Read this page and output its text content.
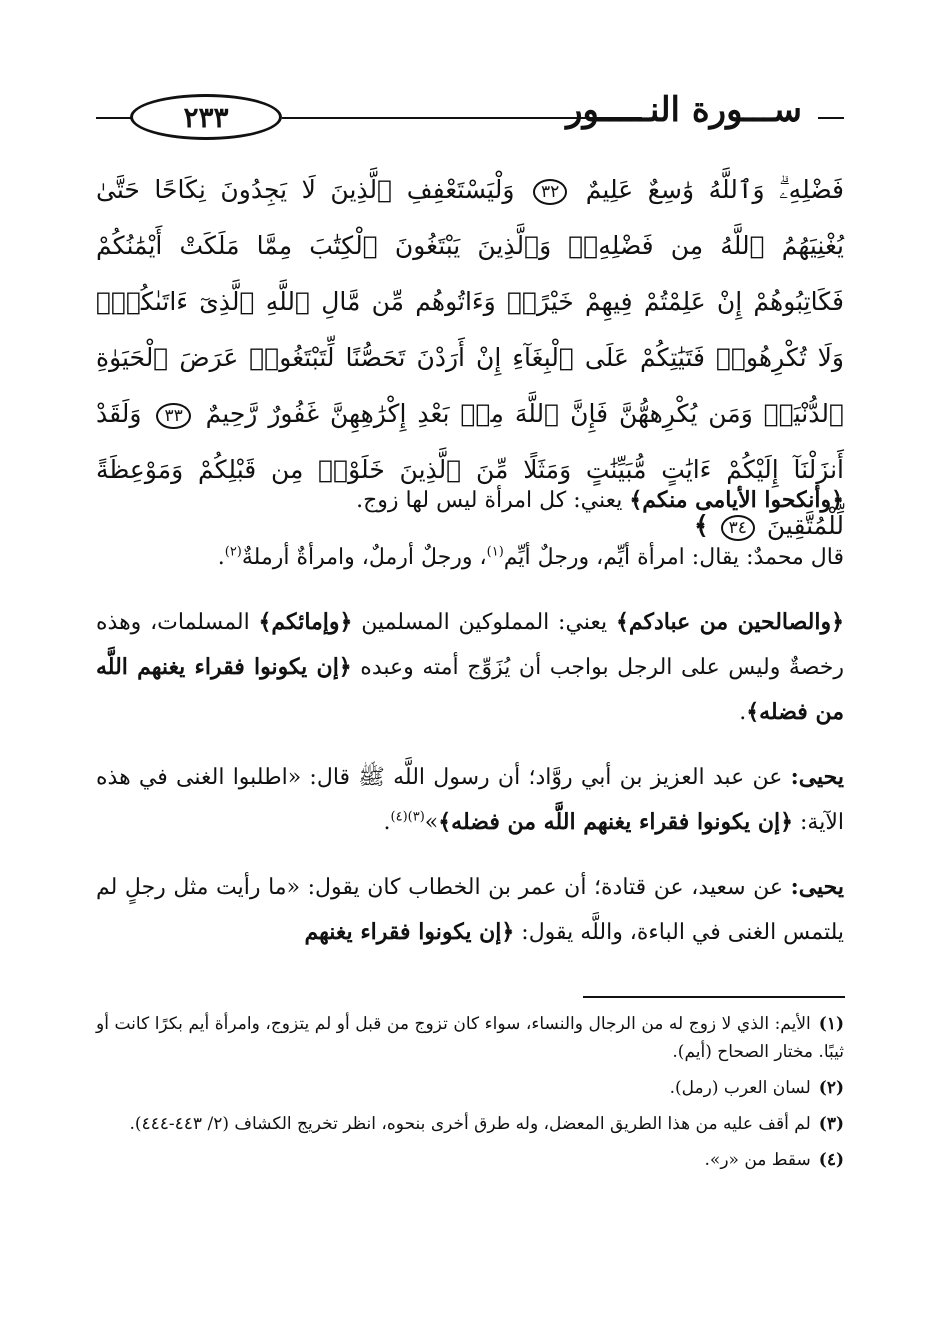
٢٣٣	ســـورة النـــــور
فَضْلِهِۦۗ وَٱللَّهُ وَٰسِعٌ عَلِيمٌ ٣٢ وَلْيَسْتَعْفِفِ ٱلَّذِينَ لَا يَجِدُونَ نِكَاحًا حَتَّىٰ يُغْنِيَهُمُ ٱللَّهُ مِن فَضْلِهِۦۗ وَٱلَّذِينَ يَبْتَغُونَ ٱلْكِتَٰبَ مِمَّا مَلَكَتْ أَيْمَٰنُكُمْ فَكَاتِبُوهُمْ إِنْ عَلِمْتُمْ فِيهِمْ خَيْرًاۖ وَءَاتُوهُم مِّن مَّالِ ٱللَّهِ ٱلَّذِىٓ ءَاتَىٰكُمْۚ وَلَا تُكْرِهُوا۟ فَتَيَٰتِكُمْ عَلَى ٱلْبِغَآءِ إِنْ أَرَدْنَ تَحَصُّنًا لِّتَبْتَغُوا۟ عَرَضَ ٱلْحَيَوٰةِ ٱلدُّنْيَاۚ وَمَن يُكْرِههُّنَّ فَإِنَّ ٱللَّهَ مِنۢ بَعْدِ إِكْرَٰهِهِنَّ غَفُورٌ رَّحِيمٌ ٣٣ وَلَقَدْ أَنزَلْنَآ إِلَيْكُمْ ءَايَٰتٍ مُّبَيِّنَٰتٍ وَمَثَلًا مِّنَ ٱلَّذِينَ خَلَوْا۟ مِن قَبْلِكُمْ وَمَوْعِظَةً لِّلْمُتَّقِينَ ٣٤ ﴾

﴿وأنكحوا الأيامى منكم﴾ يعني: كل امرأة ليس لها زوج.

قال محمدٌ: يقال: امرأة أيِّم، ورجلٌ أيِّم$^{(١)}$، ورجلٌ أرملٌ، وامرأةٌ أرملةٌ$^{(٢)}$.

﴿والصالحين من عبادكم﴾ يعني: المملوكين المسلمين ﴿وإمائكم﴾ المسلمات، وهذه رخصةٌ وليس على الرجل بواجب أن يُزَوِّج أمته وعبده ﴿إن يكونوا فقراء يغنهم اللَّه من فضله﴾.

يحيى: عن عبد العزيز بن أبي روَّاد؛ أن رسول اللَّه ﷺ قال: «اطلبوا الغنى في هذه الآية: ﴿إن يكونوا فقراء يغنهم اللَّه من فضله﴾»$^{(٣)(٤)}$.

يحيى: عن سعيد، عن قتادة؛ أن عمر بن الخطاب كان يقول: «ما رأيت مثل رجلٍ لم يلتمس الغنى في الباءة، واللَّه يقول: ﴿إن يكونوا فقراء يغنهم

(١)الأيم: الذي لا زوج له من الرجال والنساء، سواء كان تزوج من قبل أو لم يتزوج، وامرأة أيم بكرًا كانت أو ثيبًا. مختار الصحاح (أيم).
(٢)لسان العرب (رمل).
(٣)لم أقف عليه من هذا الطريق المعضل، وله طرق أخرى بنحوه، انظر تخريج الكشاف (٢/ ٤٤٣-٤٤٤).
(٤)سقط من «ر».
